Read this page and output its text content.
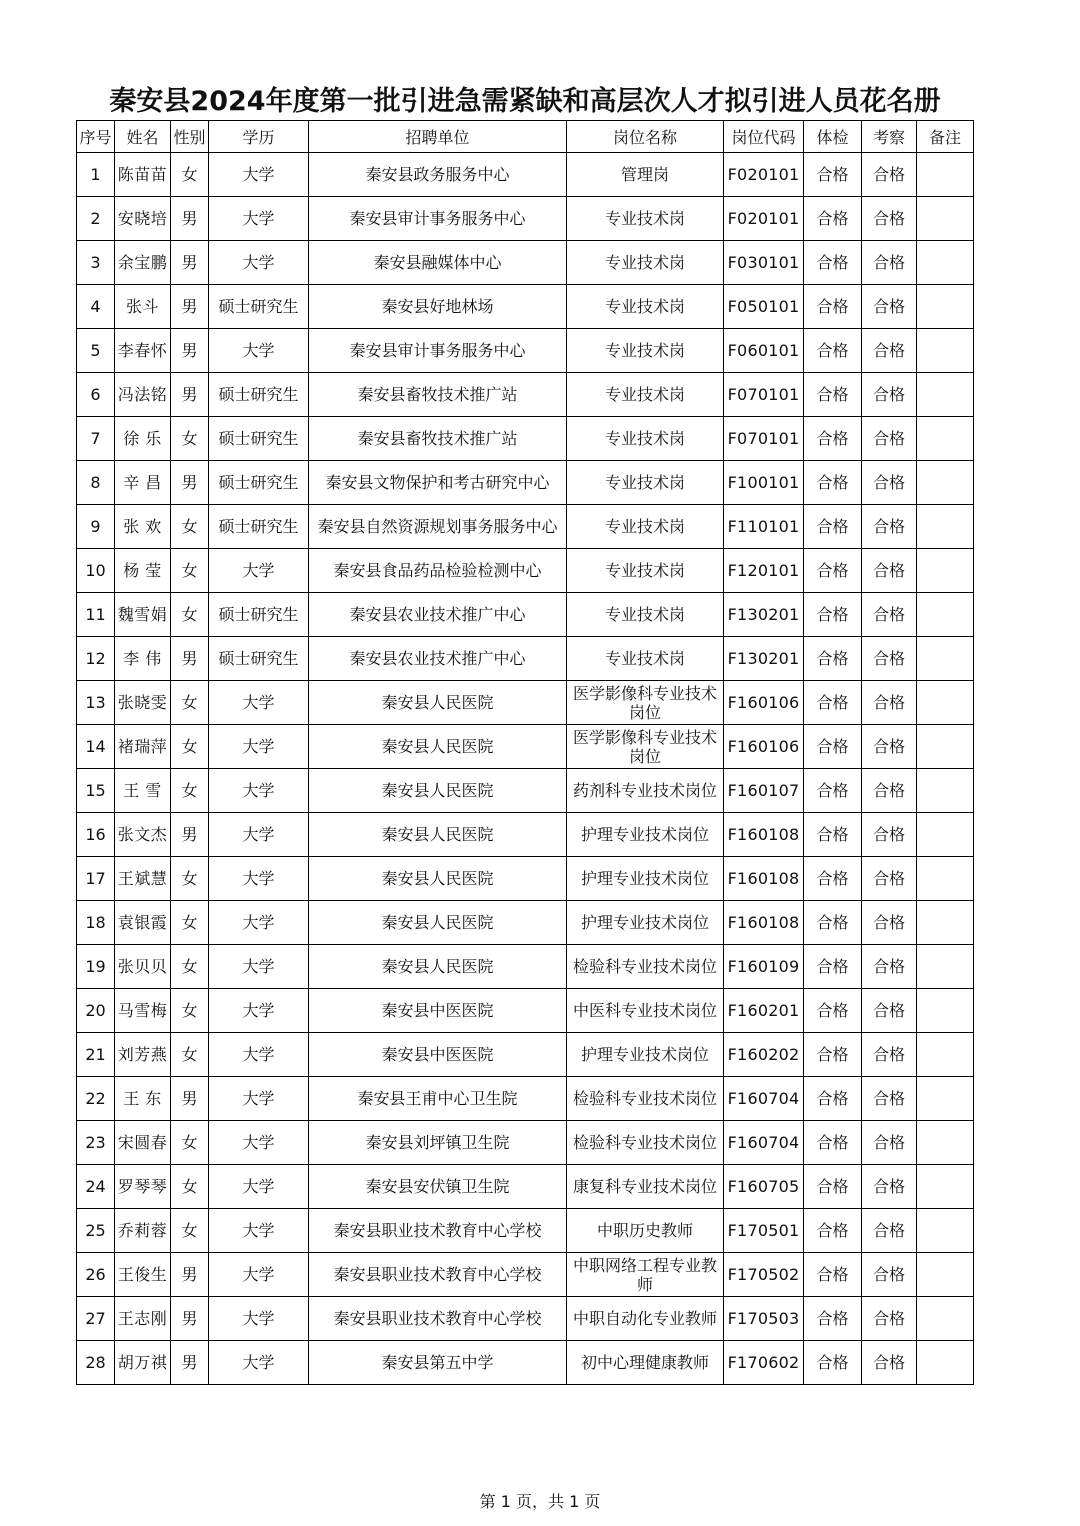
秦安县2024年度第一批引进急需紧缺和高层次人才拟引进人员花名册
序号	姓名	性别	学历	招聘单位	岗位名称	岗位代码	体检	考察	备注
1	陈苗苗	女	大学	秦安县政务服务中心	管理岗	F020101	合格	合格	
2	安晓培	男	大学	秦安县审计事务服务中心	专业技术岗	F020101	合格	合格	
3	余宝鹏	男	大学	秦安县融媒体中心	专业技术岗	F030101	合格	合格	
4	张斗	男	硕士研究生	秦安县好地林场	专业技术岗	F050101	合格	合格	
5	李春怀	男	大学	秦安县审计事务服务中心	专业技术岗	F060101	合格	合格	
6	冯法铭	男	硕士研究生	秦安县畜牧技术推广站	专业技术岗	F070101	合格	合格	
7	徐 乐	女	硕士研究生	秦安县畜牧技术推广站	专业技术岗	F070101	合格	合格	
8	辛 昌	男	硕士研究生	秦安县文物保护和考古研究中心	专业技术岗	F100101	合格	合格	
9	张 欢	女	硕士研究生	秦安县自然资源规划事务服务中心	专业技术岗	F110101	合格	合格	
10	杨 莹	女	大学	秦安县食品药品检验检测中心	专业技术岗	F120101	合格	合格	
11	魏雪娟	女	硕士研究生	秦安县农业技术推广中心	专业技术岗	F130201	合格	合格	
12	李 伟	男	硕士研究生	秦安县农业技术推广中心	专业技术岗	F130201	合格	合格	
13	张晓雯	女	大学	秦安县人民医院	医学影像科专业技术岗位	F160106	合格	合格	
14	褚瑞萍	女	大学	秦安县人民医院	医学影像科专业技术岗位	F160106	合格	合格	
15	王 雪	女	大学	秦安县人民医院	药剂科专业技术岗位	F160107	合格	合格	
16	张文杰	男	大学	秦安县人民医院	护理专业技术岗位	F160108	合格	合格	
17	王斌慧	女	大学	秦安县人民医院	护理专业技术岗位	F160108	合格	合格	
18	袁银霞	女	大学	秦安县人民医院	护理专业技术岗位	F160108	合格	合格	
19	张贝贝	女	大学	秦安县人民医院	检验科专业技术岗位	F160109	合格	合格	
20	马雪梅	女	大学	秦安县中医医院	中医科专业技术岗位	F160201	合格	合格	
21	刘芳燕	女	大学	秦安县中医医院	护理专业技术岗位	F160202	合格	合格	
22	王 东	男	大学	秦安县王甫中心卫生院	检验科专业技术岗位	F160704	合格	合格	
23	宋圆春	女	大学	秦安县刘坪镇卫生院	检验科专业技术岗位	F160704	合格	合格	
24	罗琴琴	女	大学	秦安县安伏镇卫生院	康复科专业技术岗位	F160705	合格	合格	
25	乔莉蓉	女	大学	秦安县职业技术教育中心学校	中职历史教师	F170501	合格	合格	
26	王俊生	男	大学	秦安县职业技术教育中心学校	中职网络工程专业教师	F170502	合格	合格	
27	王志刚	男	大学	秦安县职业技术教育中心学校	中职自动化专业教师	F170503	合格	合格	
28	胡万祺	男	大学	秦安县第五中学	初中心理健康教师	F170602	合格	合格	
第 1 页，共 1 页
